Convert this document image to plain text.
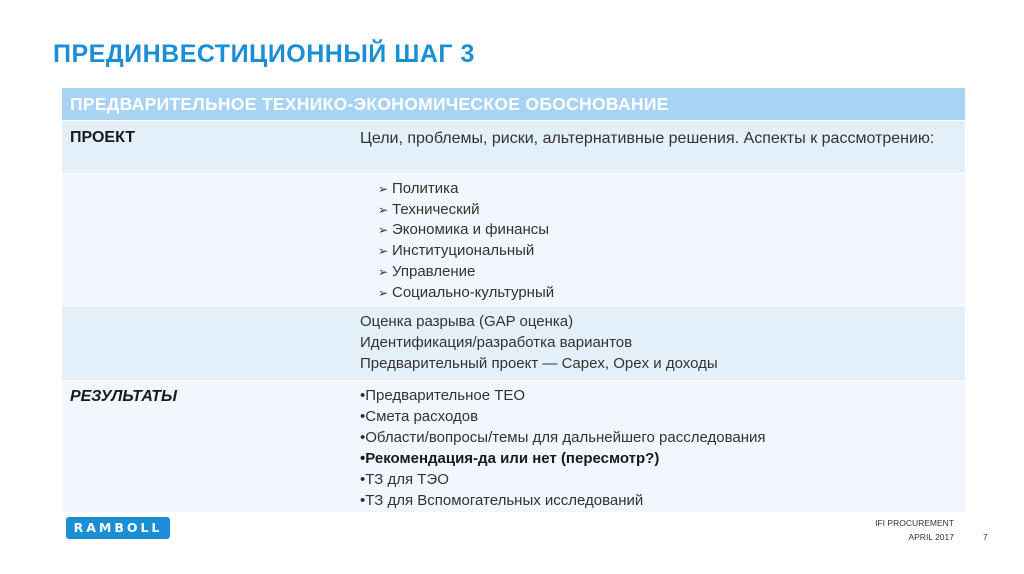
ПРЕДИНВЕСТИЦИОННЫЙ ШАГ 3
ПРЕДВАРИТЕЛЬНОЕ ТЕХНИКО-ЭКОНОМИЧЕСКОЕ ОБОСНОВАНИЕ
ПРОЕКТ	Цели, проблемы, риски, альтернативные решения. Аспекты к рассмотрению:
➢ Политика
➢ Технический
➢ Экономика и финансы
➢ Институциональный
➢ Управление
➢ Социально-культурный
Оценка разрыва (GAP оценка)
Идентификация/разработка вариантов
Предварительный проект — Capex, Opex и доходы
РЕЗУЛЬТАТЫ	•Предварительное ТЕО
•Смета расходов
•Области/вопросы/темы для дальнейшего расследования
•Рекомендация-да или нет (пересмотр?)
•ТЗ для ТЭО
•ТЗ для Вспомогательных исследований
RAMBOLL	IFI PROCUREMENT
APRIL 2017	7
